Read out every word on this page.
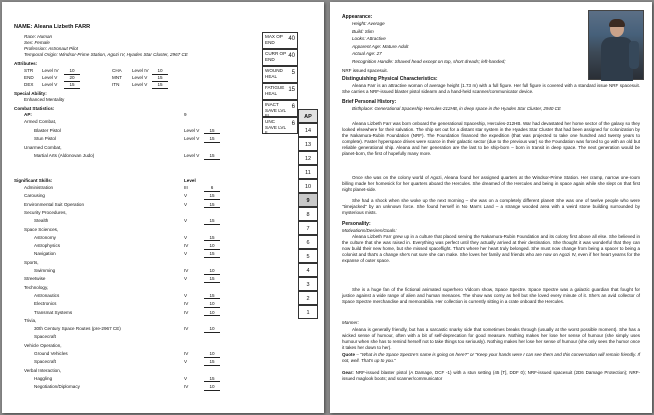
NAME: Aleana Lizbeth FARR
Race: Human
Sex: Female
Profession: Astronaut Pilot
Temporal Origin: Windsor-Prime Station, Agozi IV, Hyades Star Cluster, 2967 CE
Attributes:
STR Level IV	10	CHA Level IV	10
END Level V	20	MNT Level V	15
DEX Level V	15	ITN	Level V	15
Special Ability:
Enhanced Mentality
Combat Statistics:
AP:	9
Armed Combat,
Blaster Pistol	Level V	15
Stun Pistol	Level V	15
Unarmed Combat,
Martial Arts (Aldonovan Judo)	Level V	15
Significant Skills:	Level
Administration	III	6
Carousing	V	15
Environmental Suit Operation	V	15
Security Procedures,
Stealth	V	15
Space Sciences,
Astronomy	V	15
Astrophysics	IV	10
Navigation	V	15
Sports,
Swimming	IV	10
Streetwise	V	15
Technology,
Astronautics	V	15
Electronics	IV	10
Transmat Systems	IV	10
Trivia,
30th Century Space Routes (pre-2967 CE)	IV	10
Spacecraft
Vehicle Operation,
Ground Vehicles	IV	10
Spacecraft	V	15
Verbal Interaction,
Haggling	V	15
Negotiation/Diplomacy	IV	10
MAX OP END	40
CURR OP END	40
WOUND HEAL	5
FATIGUE HEAL	15
INACT SAVE LVL III
6
UNC SAVE LVL II
6
AP
14
13
12
11
10
9
8
7
6
5
4
3
2
1
Appearance:
Height: Average
Build: Slim
Looks: Attractive
Apparent Age: Mature Adult
Actual Age: 27
Recognition Handle: Shaved head except on top, short dreads; left-handed;
NRF issued spacesuit.
Distinguishing Physical Characteristics:
Aleana Farr is an attractive woman of average height (1.73 m) with a full figure. Her full figure is covered with a standard issue NRF spacesuit. She carries a NRF-issued blaster pistol sidearm and a hand-held scanner/communicator device.
Brief Personal History:
Birthplace: Generational Spaceship Hercules-212HB, in deep space in the Hyades Star Cluster, 2940 CE
Aleana Lizbeth Farr was born onboard the generational Spaceship, Hercules-212HB. War had devastated her home sector of the galaxy so they looked elsewhere for their salvation. The ship set out for a distant star system in the Hyades Star Cluster that had been assigned for colonization by the Nakamura-Rubin Foundation (NRF). The Foundation financed the expedition (that was projected to take one hundred and twenty years to complete). Faster hyperspace drives were scarce in their galactic sector (due to the previous war) so the Foundation was forced to go with an old but reliable generational ship. Aleana and her generation are the last to be ship-born – born in transit in deep space. The next generation would be planet-born, the first of hopefully many more.
Once she was on the colony world of Agozi, Aleana found her assigned quarters at the Windsor-Prime Station. Her cramp, narrow one-room billing made her homesick for her quarters aboard the Hercules. She dreamed of the Hercules and being in space again while she slept on that first night planet-side.
She had a shock when she woke up the next morning – she was on a completely different planet! She was one of twelve people who were "timejacked" by an unknown force. She found herself in No Man's Land – a strange wooded area with a weird stone building surrounded by mysterious mists.
Personality:
Motivations/Desires/Goals:
Aleana Lizbeth Farr grew up in a culture that placed serving the Nakamura-Rubin Foundation and its colony first above all else. She believed in the culture that she was raised in. Everything was perfect until they actually arrived at their destination. She thought it was wonderful that they can now build their new home, but she missed spaceflight. That's where her heart truly belonged. She must now change from being a spacer to being a colonist and that's a change she's not sure she can make. She loves her family and friends who are now on Agozi IV, even if her heart yearns for the expanse of outer space.
She is a huge fan of the fictional animated superhero Vidcom show, Space Spectre. Space Spectre was a galactic guardian that fought for justice against a wide range of alien and human menaces. The show was corny as hell but she loved every minute of it. She's an avid collector of Space Spectre merchandise and memorabilia. Her collection is currently sitting in a crate onboard the Hercules.
Manner:
Aleana is generally friendly, but has a sarcastic snarky side that sometimes breaks through (usually at the worst possible moment). She has a wicked sense of humour, often with a bit of self-deprecation for good measure. Nothing makes her lose her sense of humour (she simply uses humour when she has to remind herself not to take things too seriously). Nothing makes her lose her sense of humour (she only sees the humor once it takes her down to her).
Quote – "What in the Space Spectre's name is going on here?" or "Keep your hands were I can see them and this conversation will remain friendly. If not, well. That's up to you."
Gear: NRF-issued blaster pistol (A Damage, DCF -1) with a stun setting (45 [T], DDF 0); NRF-issued spacesuit (2D6 Damage Protection); NRF-issued maglook boots; and scanner/communicator
